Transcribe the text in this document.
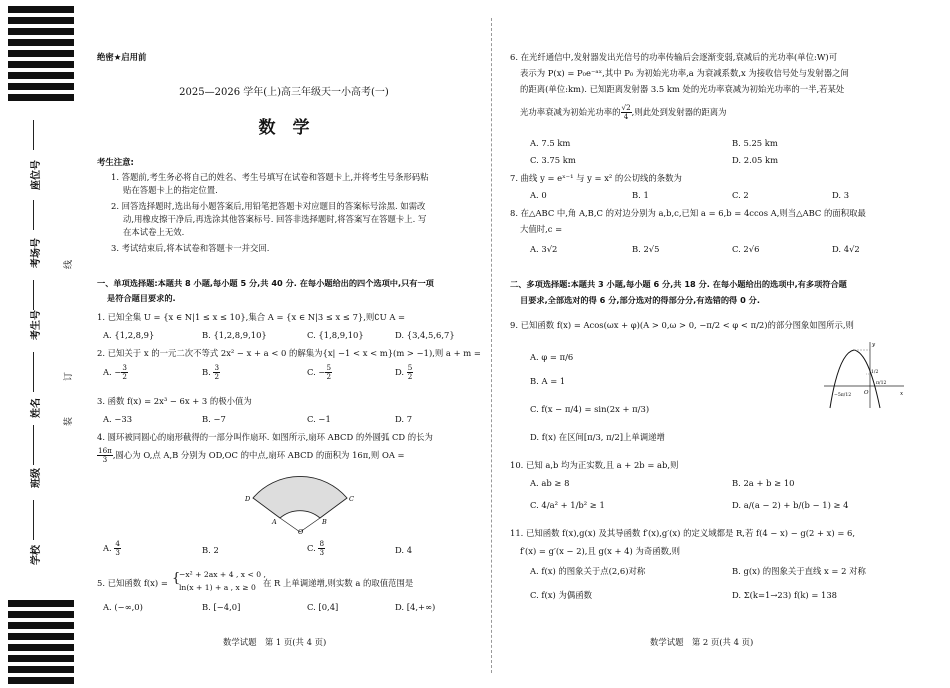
座位号
考场号	线
考生号
订
姓名
装
班级
学校
绝密★启用前
2025—2026 学年(上)高三年级天一小高考(一)
数　学
考生注意:
1. 答题前,考生务必将自己的姓名、考生号填写在试卷和答题卡上,并将考生号条形码粘
贴在答题卡上的指定位置.
2. 回答选择题时,选出每小题答案后,用铅笔把答题卡对应题目的答案标号涂黑. 如需改
动,用橡皮擦干净后,再选涂其他答案标号. 回答非选择题时,将答案写在答题卡上. 写
在本试卷上无效.
3. 考试结束后,将本试卷和答题卡一并交回.
一、单项选择题:本题共 8 小题,每小题 5 分,共 40 分. 在每小题给出的四个选项中,只有一项
是符合题目要求的.
1. 已知全集 U = {x ∈ N|1 ≤ x ≤ 10},集合 A = {x ∈ N|3 ≤ x ≤ 7},则∁U A =
A. {1,2,8,9}	B. {1,2,8,9,10}	C. {1,8,9,10}	D. {3,4,5,6,7}
2. 已知关于 x 的一元二次不等式 2x² − x + a < 0 的解集为{x| −1 < x < m}(m > −1),则 a + m =
A. − $\frac{3}{2}$	B. $\frac{3}{2}$	C. − $\frac{5}{2}$	D. $\frac{5}{2}$
3. 函数 f(x) = 2x³ − 6x + 3 的极小值为
A. −33	B. −7	C. −1	D. 7
4. 圆环被同圆心的扇形截得的一部分叫作扇环. 如图所示,扇环 ABCD 的外圆弧 CD 的长为
$\frac{16\pi}{3}$ ,圆心为 O,点 A,B 分别为 OD,OC 的中点,扇环 ABCD 的面积为 16π,则 OA =
D
A	B
C
O
A. $\frac{4}{3}$	B. 2	C. $\frac{8}{3}$	D. 4
5. 已知函数 f(x) = {
−x² + 2ax + 4 , x < 0 ,
ln(x + 1) + a , x ≥ 0 在 R 上单调递增,则实数 a 的取值范围是
A. (−∞,0)	B. [−4,0]	C. [0,4]	D. [4,+∞)
数学试题　第 1 页(共 4 页)
6. 在光纤通信中,发射器发出光信号的功率传输后会逐渐变弱,衰减后的光功率(单位:W)可
表示为 P(x) = P₀e⁻ᵃˣ,其中 P₀ 为初始光功率,a 为衰减系数,x 为接收信号处与发射器之间
的距离(单位:km). 已知距离发射器 3.5 km 处的光功率衰减为初始光功率的一半,若某处
光功率衰减为初始光功率的 $\frac{√2}{4}$ ,则此处到发射器的距离为
A. 7.5 km	B. 5.25 km
C. 3.75 km	D. 2.05 km
7. 曲线 y = eˣ⁻¹ 与 y = x² 的公切线的条数为
A. 0	B. 1	C. 2	D. 3
8. 在△ABC 中,角 A,B,C 的对边分别为 a,b,c,已知 a = 6,b = 4ccos A,则当△ABC 的面积取最
大值时,c =
A. 3√2	B. 2√5	C. 2√6	D. 4√2
二、多项选择题:本题共 3 小题,每小题 6 分,共 18 分. 在每小题给出的选项中,有多项符合题
目要求,全部选对的得 6 分,部分选对的得部分分,有选错的得 0 分.
9. 已知函数 f(x) = Acos(ωx + φ)(A > 0,ω > 0, −π/2 < φ < π/2)的部分图象如图所示,则
A. φ = π/6
B. A = 1
C. f(x − π/4) = sin(2x + π/3)
D. f(x) 在区间[π/3, π/2]上单调递增
y
x
O
1/2
−5π/12
π/12
10. 已知 a,b 均为正实数,且 a + 2b = ab,则
A. ab ≥ 8	B. 2a + b ≥ 10
C. 4/a² + 1/b² ≥ 1	D. a/(a − 2) + b/(b − 1) ≥ 4
11. 已知函数 f(x),g(x) 及其导函数 f′(x),g′(x) 的定义域都是 R,若 f(4 − x) − g(2 + x) = 6,
f′(x) = g′(x − 2),且 g(x + 4) 为奇函数,则
A. f(x) 的图象关于点(2,6)对称	B. g(x) 的图象关于直线 x = 2 对称
C. f(x) 为偶函数	D. Σ(k=1→23) f(k) = 138
数学试题　第 2 页(共 4 页)
